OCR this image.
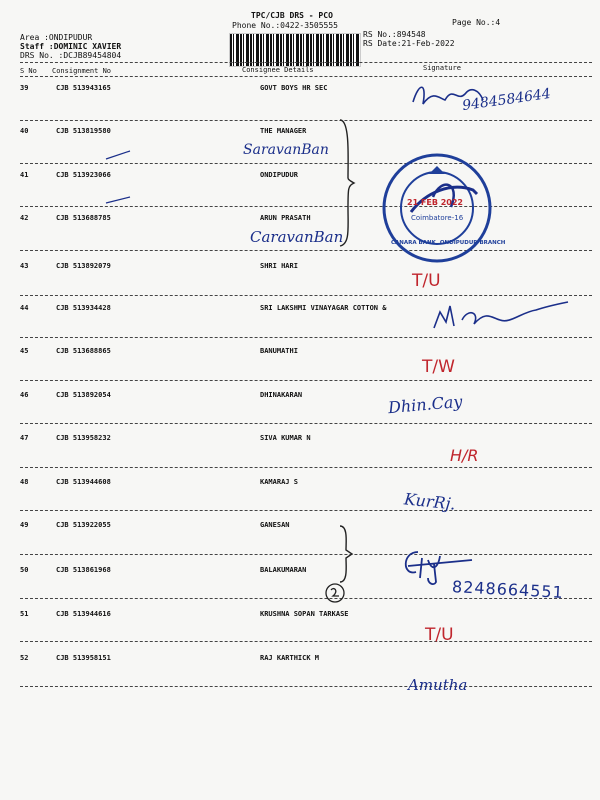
TPC/CJB DRS - PCO
Phone No.:0422-3505555	Page No.:4
Area :ONDIPUDUR
Staff :DOMINIC XAVIER
DRS No. :DCJB89454804
RS No.:894548
RS Date:21-Feb-2022
S No Consignment No	Consignee Details	Signature
39	CJB 513943165	GOVT BOYS HR SEC
40	CJB 513819580	THE MANAGER
41	CJB 513923066	ONDIPUDUR
42	CJB 513688785	ARUN PRASATH
43	CJB 513892079	SHRI HARI
44	CJB 513934428	SRI LAKSHMI VINAYAGAR COTTON &
45	CJB 513688865	BANUMATHI
46	CJB 513892054	DHINAKARAN
47	CJB 513958232	SIVA KUMAR N
48	CJB 513944608	KAMARAJ S
49	CJB 513922055	GANESAN
50	CJB 513861968	BALAKUMARAN
51	CJB 513944616	KRUSHNA SOPAN TARKASE
52	CJB 513958151	RAJ KARTHICK M
21 FEB 2022
Coimbatore-16
CANARA BANK, ONDIPUDUR BRANCH
9484584644
SaravanBan
CaravanBan
T/U
T/W
Dhin.Cay
H/R
KurRj.
8248664551
T/U
Amutha
